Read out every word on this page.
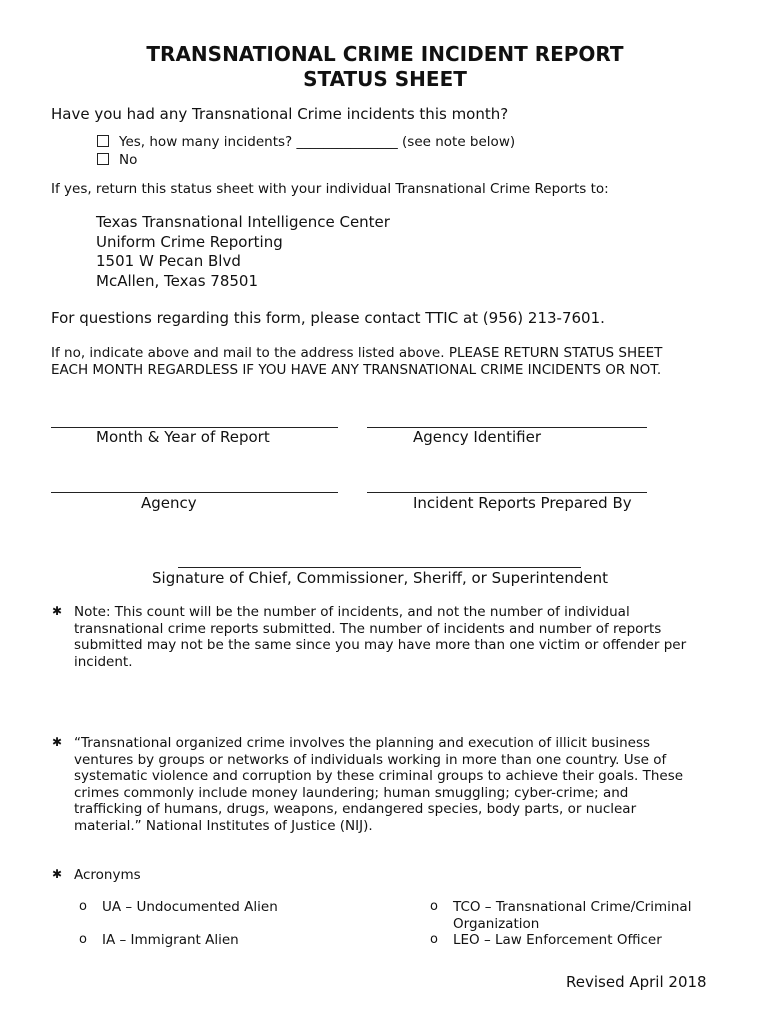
TRANSNATIONAL CRIME INCIDENT REPORT
STATUS SHEET
Have you had any Transnational Crime incidents this month?
Yes, how many incidents? _______________ (see note below)
No
If yes, return this status sheet with your individual Transnational Crime Reports to:
Texas Transnational Intelligence Center
Uniform Crime Reporting
1501 W Pecan Blvd
McAllen, Texas 78501
For questions regarding this form, please contact TTIC at (956) 213-7601.
If no, indicate above and mail to the address listed above. PLEASE RETURN STATUS SHEET
EACH MONTH REGARDLESS IF YOU HAVE ANY TRANSNATIONAL CRIME INCIDENTS OR NOT.
Month & Year of Report	Agency Identifier
Agency	Incident Reports Prepared By
Signature of Chief, Commissioner, Sheriff, or Superintendent
✱ Note: This count will be the number of incidents, and not the number of individual
transnational crime reports submitted. The number of incidents and number of reports
submitted may not be the same since you may have more than one victim or offender per
incident.
✱ “Transnational organized crime involves the planning and execution of illicit business
ventures by groups or networks of individuals working in more than one country. Use of
systematic violence and corruption by these criminal groups to achieve their goals. These
crimes commonly include money laundering; human smuggling; cyber-crime; and
trafficking of humans, drugs, weapons, endangered species, body parts, or nuclear
material.” National Institutes of Justice (NIJ).
✱ Acronyms
o UA – Undocumented Alien
o IA – Immigrant Alien
o TCO – Transnational Crime/Criminal
Organization
o LEO – Law Enforcement Officer
Revised April 2018
